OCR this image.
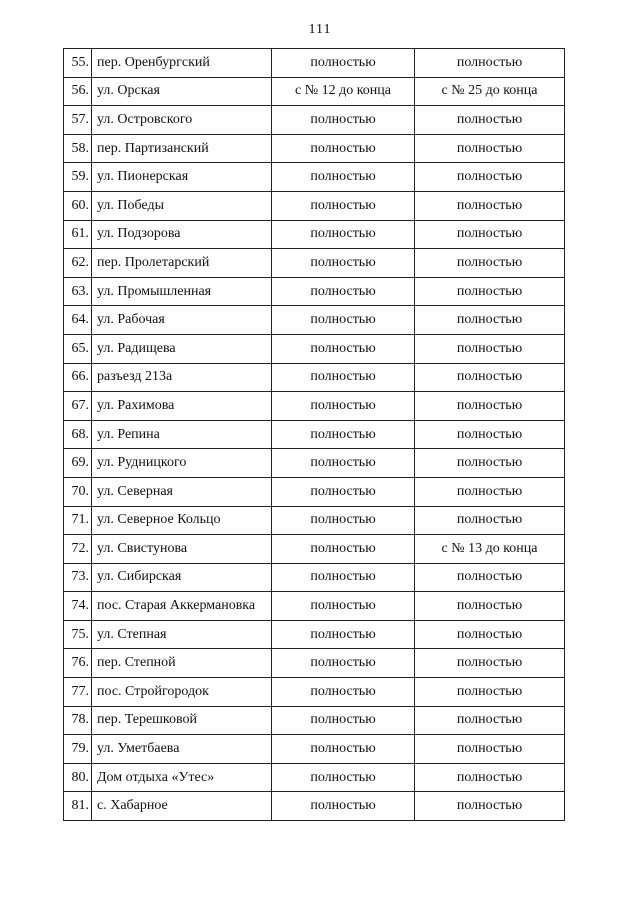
111
55.	пер. Оренбургский	полностью	полностью
56.	ул. Орская	с № 12 до конца	с № 25 до конца
57.	ул. Островского	полностью	полностью
58.	пер. Партизанский	полностью	полностью
59.	ул. Пионерская	полностью	полностью
60.	ул. Победы	полностью	полностью
61.	ул. Подзорова	полностью	полностью
62.	пер. Пролетарский	полностью	полностью
63.	ул. Промышленная	полностью	полностью
64.	ул. Рабочая	полностью	полностью
65.	ул. Радищева	полностью	полностью
66.	разъезд 213а	полностью	полностью
67.	ул. Рахимова	полностью	полностью
68.	ул. Репина	полностью	полностью
69.	ул. Рудницкого	полностью	полностью
70.	ул. Северная	полностью	полностью
71.	ул. Северное Кольцо	полностью	полностью
72.	ул. Свистунова	полностью	с № 13 до конца
73.	ул. Сибирская	полностью	полностью
74.	пос. Старая Аккермановка	полностью	полностью
75.	ул. Степная	полностью	полностью
76.	пер. Степной	полностью	полностью
77.	пос. Стройгородок	полностью	полностью
78.	пер. Терешковой	полностью	полностью
79.	ул. Уметбаева	полностью	полностью
80.	Дом отдыха «Утес»	полностью	полностью
81.	с. Хабарное	полностью	полностью
